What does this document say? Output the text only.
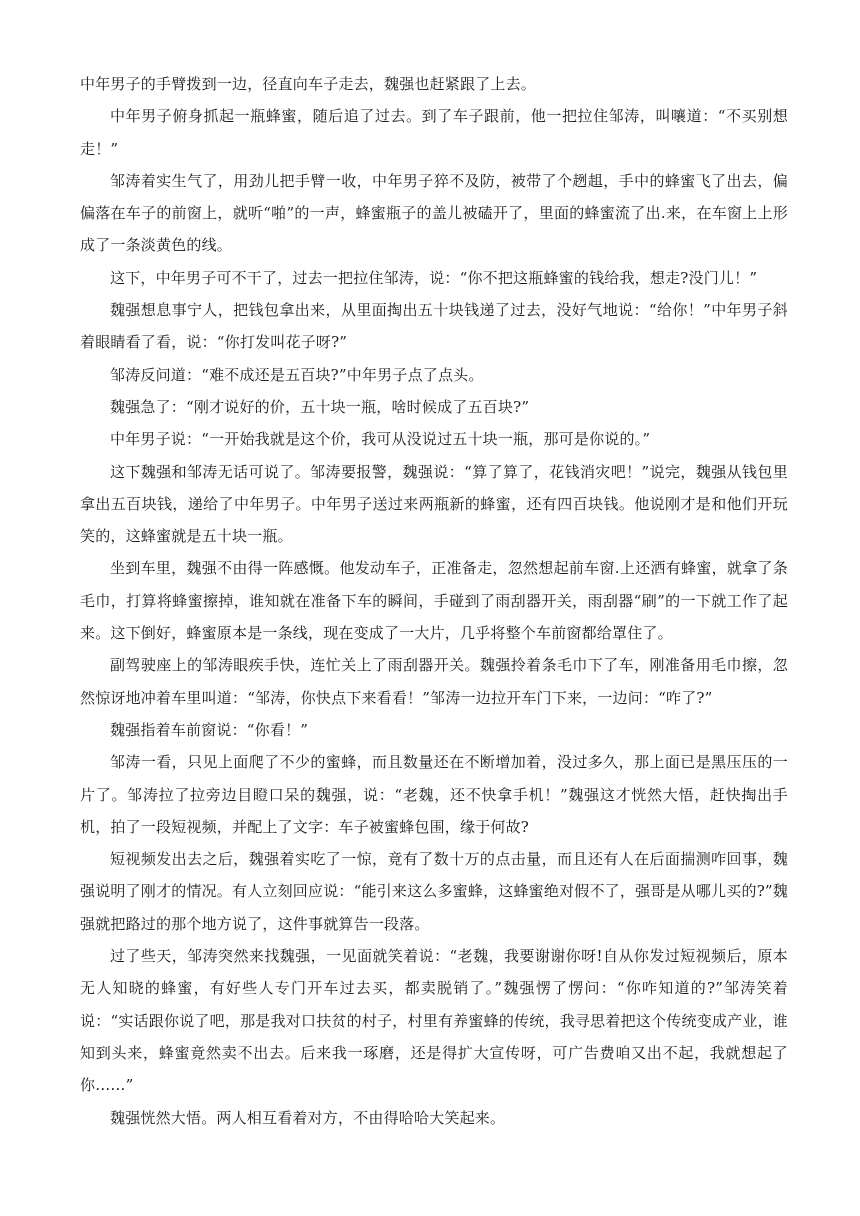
中年男子的手臂拨到一边，径直向车子走去，魏强也赶紧跟了上去。

中年男子俯身抓起一瓶蜂蜜，随后追了过去。到了车子跟前，他一把拉住邹涛，叫嚷道：“不买别想走！”

邹涛着实生气了，用劲儿把手臂一收，中年男子猝不及防，被带了个趔趄，手中的蜂蜜飞了出去，偏偏落在车子的前窗上，就听“啪”的一声，蜂蜜瓶子的盖儿被磕开了，里面的蜂蜜流了出.来，在车窗上上形成了一条淡黄色的线。

这下，中年男子可不干了，过去一把拉住邹涛，说：“你不把这瓶蜂蜜的钱给我，想走?没门儿！”

魏强想息事宁人，把钱包拿出来，从里面掏出五十块钱递了过去，没好气地说：“给你！”中年男子斜着眼睛看了看，说：“你打发叫花子呀?”

邹涛反问道：“难不成还是五百块?”中年男子点了点头。

魏强急了：“刚才说好的价，五十块一瓶，啥时候成了五百块?”

中年男子说：“一开始我就是这个价，我可从没说过五十块一瓶，那可是你说的。”

这下魏强和邹涛无话可说了。邹涛要报警，魏强说：“算了算了，花钱消灾吧！”说完，魏强从钱包里拿出五百块钱，递给了中年男子。中年男子送过来两瓶新的蜂蜜，还有四百块钱。他说刚才是和他们开玩笑的，这蜂蜜就是五十块一瓶。

坐到车里，魏强不由得一阵感慨。他发动车子，正准备走，忽然想起前车窗.上还洒有蜂蜜，就拿了条毛巾，打算将蜂蜜擦掉，谁知就在准备下车的瞬间，手碰到了雨刮器开关，雨刮器“刷”的一下就工作了起来。这下倒好，蜂蜜原本是一条线，现在变成了一大片，几乎将整个车前窗都给罩住了。

副驾驶座上的邹涛眼疾手快，连忙关上了雨刮器开关。魏强拎着条毛巾下了车，刚准备用毛巾擦，忽然惊讶地冲着车里叫道：“邹涛，你快点下来看看！”邹涛一边拉开车门下来，一边问：“咋了?”

魏强指着车前窗说：“你看！”

邹涛一看，只见上面爬了不少的蜜蜂，而且数量还在不断增加着，没过多久，那上面已是黑压压的一片了。邹涛拉了拉旁边目瞪口呆的魏强，说：“老魏，还不快拿手机！”魏强这才恍然大悟，赶快掏出手机，拍了一段短视频，并配上了文字：车子被蜜蜂包围，缘于何故?

短视频发出去之后，魏强着实吃了一惊，竟有了数十万的点击量，而且还有人在后面揣测咋回事，魏强说明了刚才的情况。有人立刻回应说：“能引来这么多蜜蜂，这蜂蜜绝对假不了，强哥是从哪儿买的?”魏强就把路过的那个地方说了，这件事就算告一段落。

过了些天，邹涛突然来找魏强，一见面就笑着说：“老魏，我要谢谢你呀!自从你发过短视频后，原本无人知晓的蜂蜜，有好些人专门开车过去买，都卖脱销了。”魏强愣了愣问：“你咋知道的?”邹涛笑着说：“实话跟你说了吧，那是我对口扶贫的村子，村里有养蜜蜂的传统，我寻思着把这个传统变成产业，谁知到头来，蜂蜜竟然卖不出去。后来我一琢磨，还是得扩大宣传呀，可广告费咱又出不起，我就想起了你……”

魏强恍然大悟。两人相互看着对方，不由得哈哈大笑起来。
